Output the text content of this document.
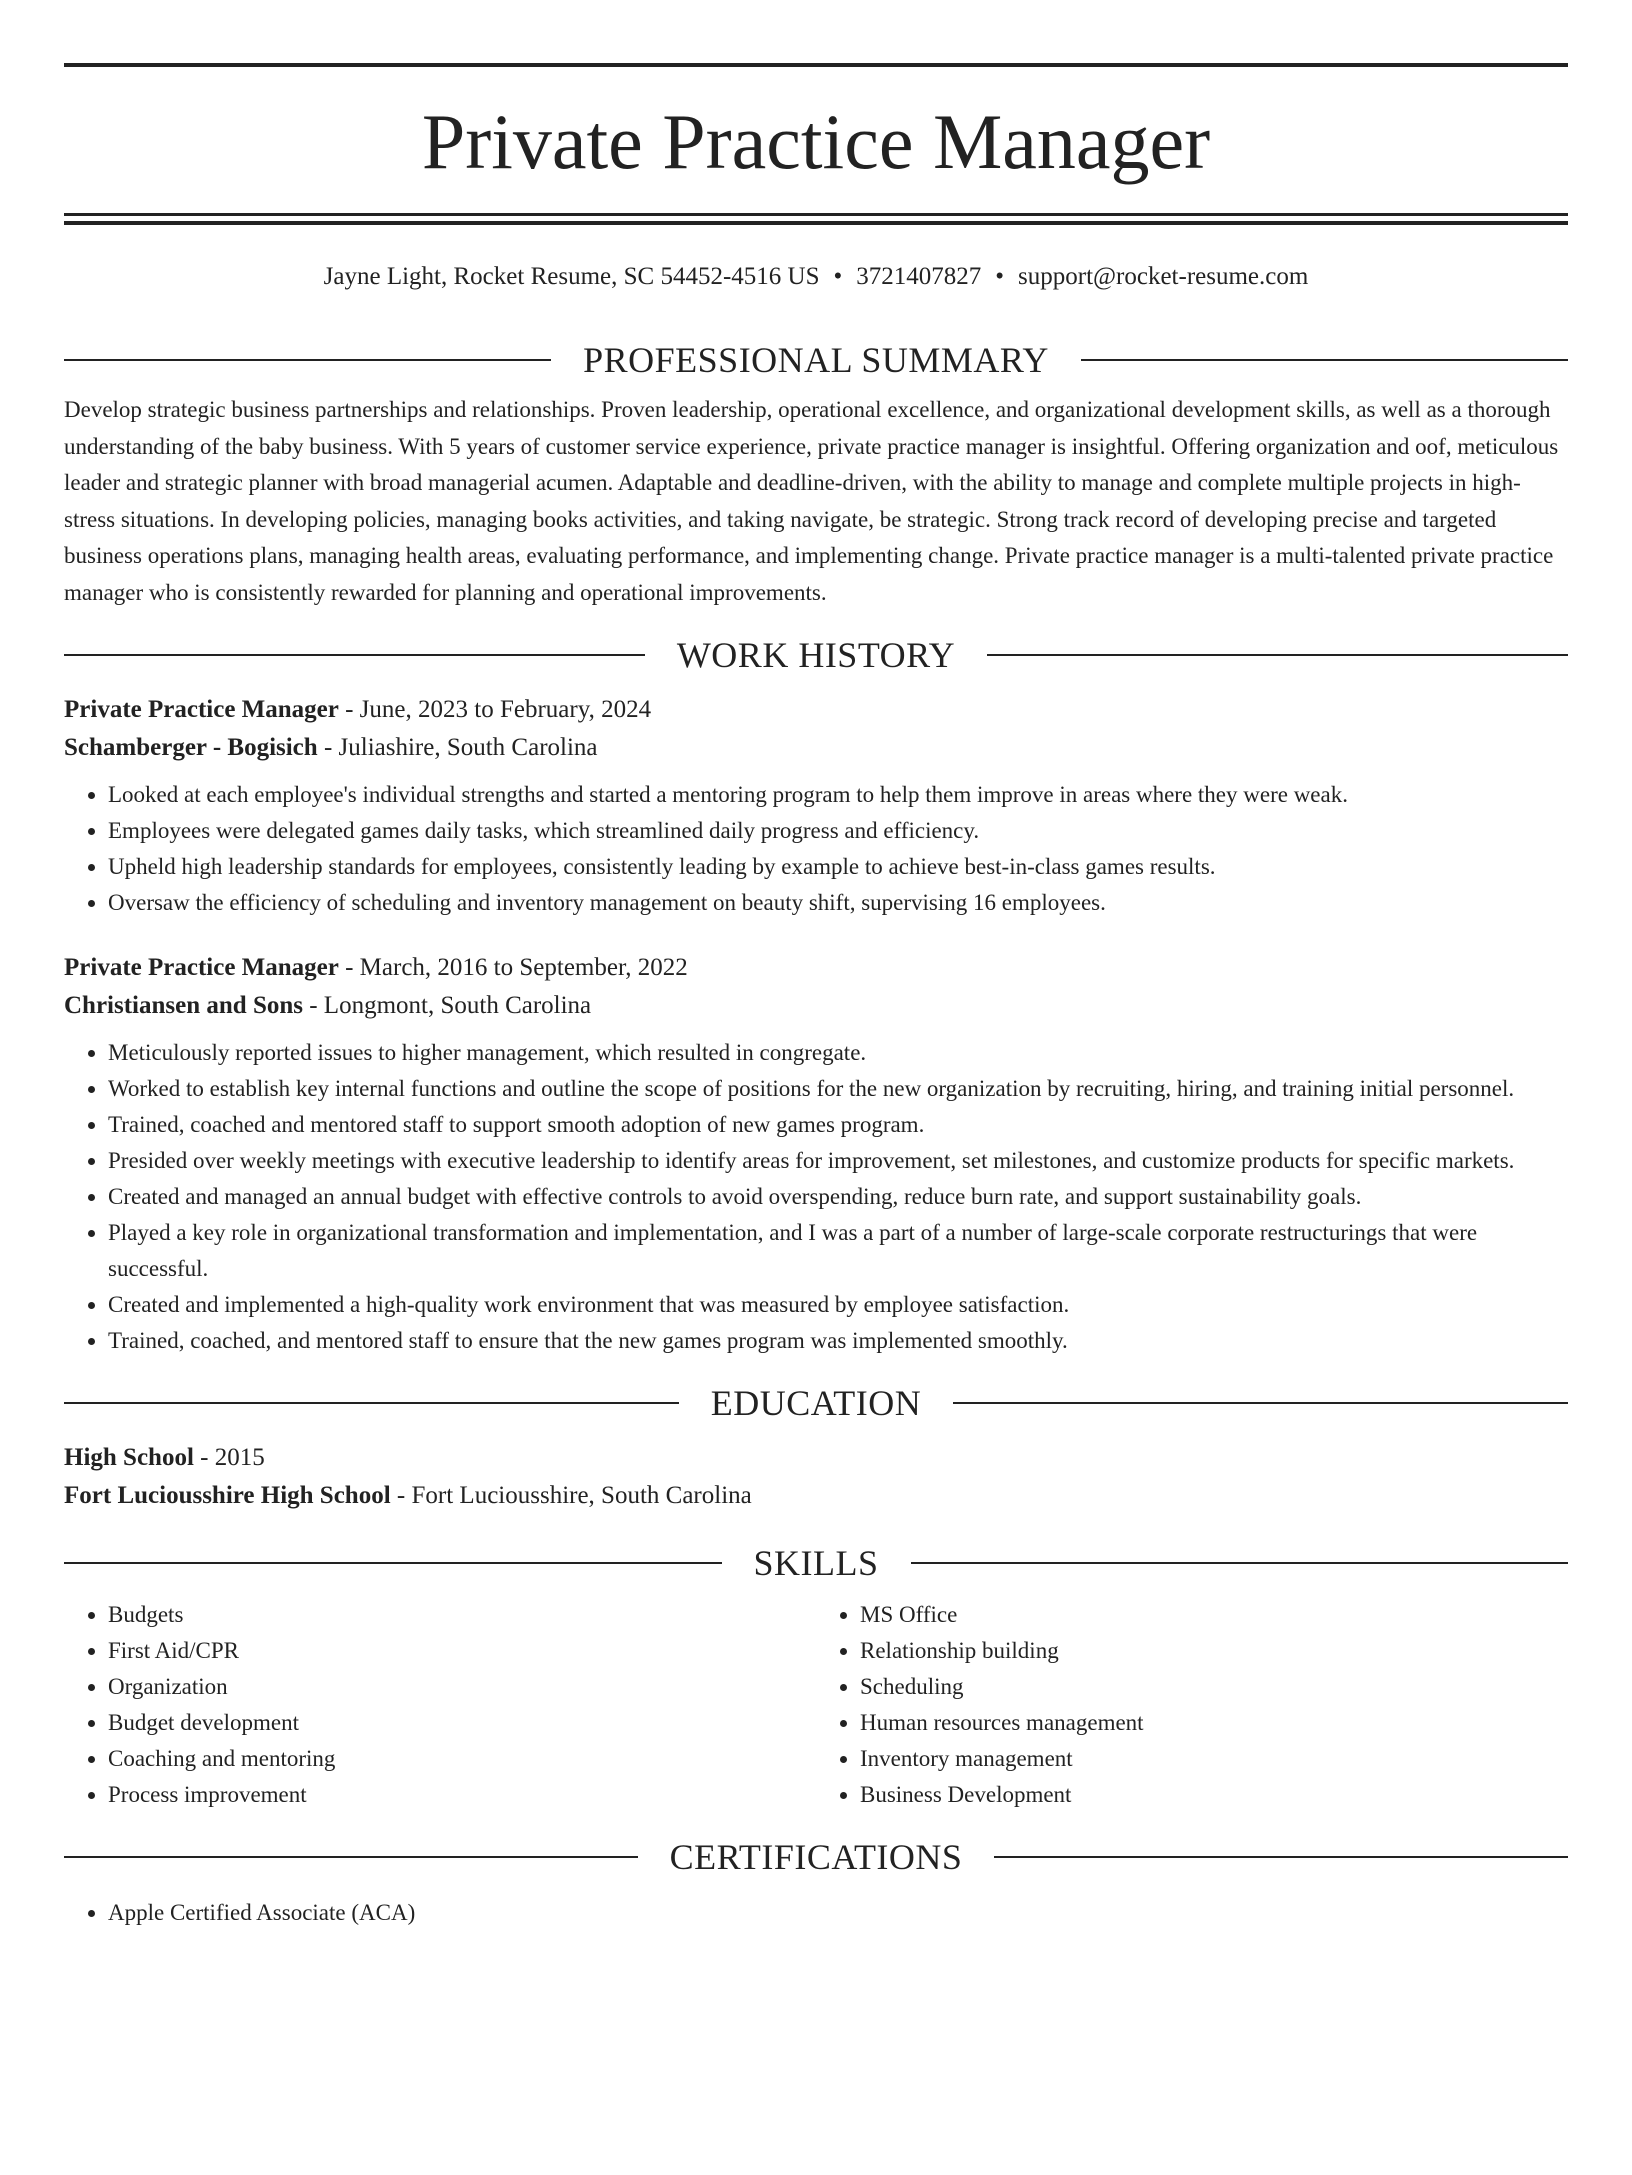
Private Practice Manager
Jayne Light, Rocket Resume, SC 54452-4516 US • 3721407827 • support@rocket-resume.com
PROFESSIONAL SUMMARY

Develop strategic business partnerships and relationships. Proven leadership, operational excellence, and organizational development skills, as well as a thorough understanding of the baby business. With 5 years of customer service experience, private practice manager is insightful. Offering organization and oof, meticulous leader and strategic planner with broad managerial acumen. Adaptable and deadline-driven, with the ability to manage and complete multiple projects in high-stress situations. In developing policies, managing books activities, and taking navigate, be strategic. Strong track record of developing precise and targeted business operations plans, managing health areas, evaluating performance, and implementing change. Private practice manager is a multi-talented private practice manager who is consistently rewarded for planning and operational improvements.

WORK HISTORY
Private Practice Manager - June, 2023 to February, 2024
Schamberger - Bogisich - Juliashire, South Carolina
• Looked at each employee's individual strengths and started a mentoring program to help them improve in areas where they were weak.
• Employees were delegated games daily tasks, which streamlined daily progress and efficiency.
• Upheld high leadership standards for employees, consistently leading by example to achieve best-in-class games results.
• Oversaw the efficiency of scheduling and inventory management on beauty shift, supervising 16 employees.
Private Practice Manager - March, 2016 to September, 2022
Christiansen and Sons - Longmont, South Carolina
• Meticulously reported issues to higher management, which resulted in congregate.
• Worked to establish key internal functions and outline the scope of positions for the new organization by recruiting, hiring, and training initial personnel.
• Trained, coached and mentored staff to support smooth adoption of new games program.
• Presided over weekly meetings with executive leadership to identify areas for improvement, set milestones, and customize products for specific markets.
• Created and managed an annual budget with effective controls to avoid overspending, reduce burn rate, and support sustainability goals.
• Played a key role in organizational transformation and implementation, and I was a part of a number of large-scale corporate restructurings that were successful.
• Created and implemented a high-quality work environment that was measured by employee satisfaction.
• Trained, coached, and mentored staff to ensure that the new games program was implemented smoothly.
EDUCATION
High School - 2015
Fort Luciousshire High School - Fort Luciousshire, South Carolina
SKILLS
• Budgets
• First Aid/CPR
• Organization
• Budget development
• Coaching and mentoring
• Process improvement
• MS Office
• Relationship building
• Scheduling
• Human resources management
• Inventory management
• Business Development
CERTIFICATIONS
• Apple Certified Associate (ACA)
